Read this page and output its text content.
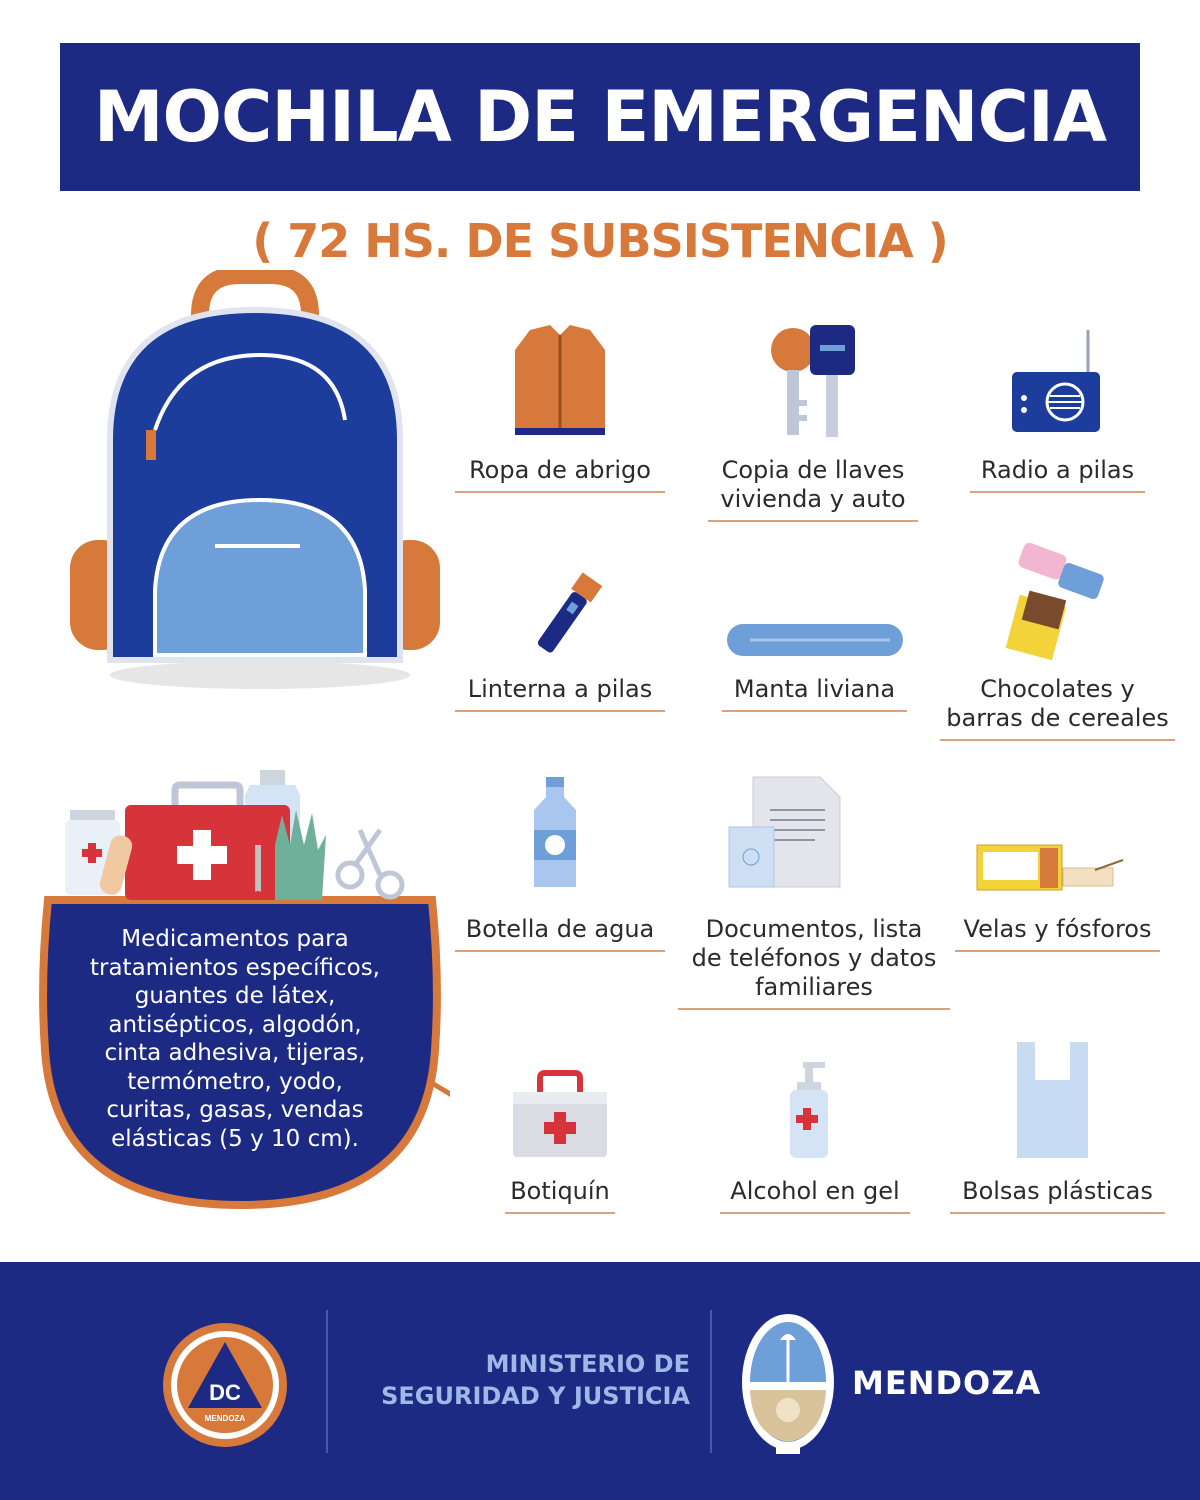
MOCHILA DE EMERGENCIA
( 72 HS. DE SUBSISTENCIA )
Ropa de abrigo	Copia de llaves
vivienda y auto
Radio a pilas
Linterna a pilas	Manta liviana	Chocolates y
barras de cereales
Botella de agua	Documentos, lista
de teléfonos y datos
familiares
Velas y fósforos
Botiquín	Alcohol en gel	Bolsas plásticas
Medicamentos para
tratamientos específicos,
guantes de látex,
antisépticos, algodón,
cinta adhesiva, tijeras,
termómetro, yodo,
curitas, gasas, vendas
elásticas (5 y 10 cm).
DC
MENDOZA
MINISTERIO DE
SEGURIDAD Y JUSTICIA	MENDOZA
